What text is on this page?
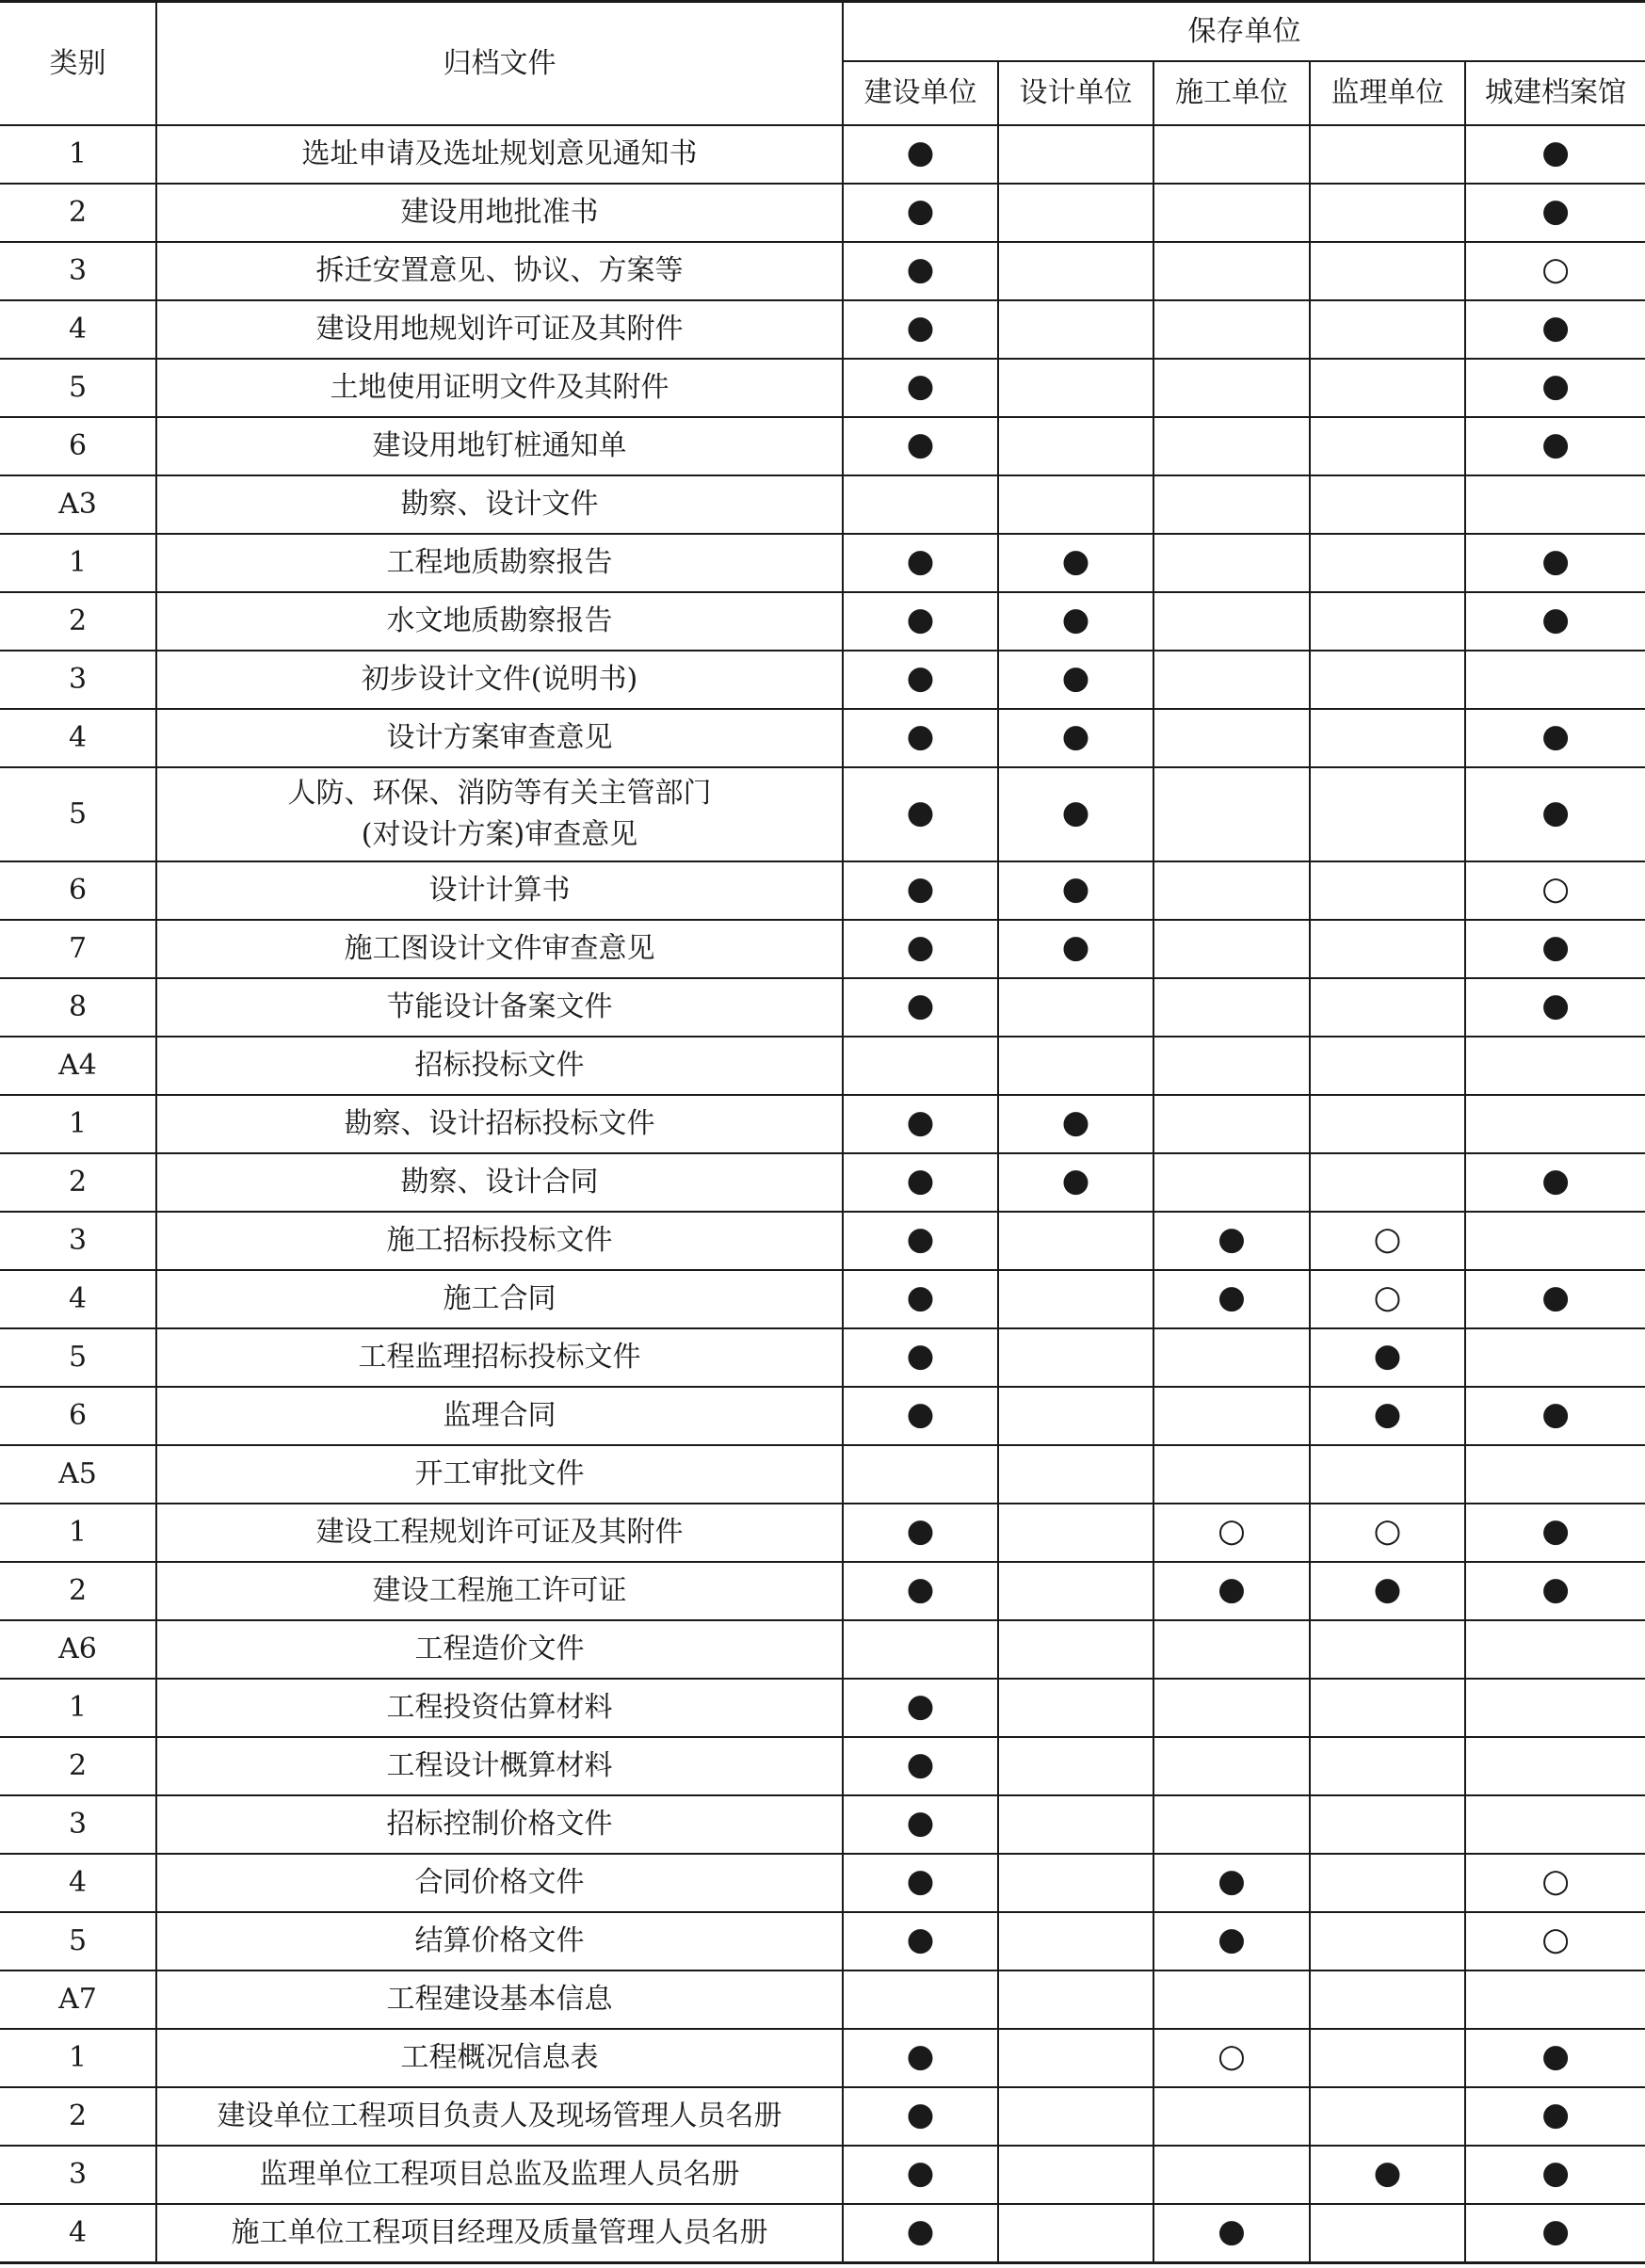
类别	归档文件	保存单位				
		建设单位	设计单位	施工单位	监理单位	城建档案馆
1	选址申请及选址规划意见通知书	●				●
2	建设用地批准书	●				●
3	拆迁安置意见、协议、方案等	●				○
4	建设用地规划许可证及其附件	●				●
5	土地使用证明文件及其附件	●				●
6	建设用地钉桩通知单	●				●
A3	勘察、设计文件					
1	工程地质勘察报告	●	●			●
2	水文地质勘察报告	●	●			●
3	初步设计文件(说明书)	●	●			
4	设计方案审查意见	●	●			●
5	人防、环保、消防等有关主管部门
(对设计方案)审查意见	●	●			●
6	设计计算书	●	●			○
7	施工图设计文件审查意见	●	●			●
8	节能设计备案文件	●				●
A4	招标投标文件					
1	勘察、设计招标投标文件	●	●			
2	勘察、设计合同	●	●			●
3	施工招标投标文件	●		●	○	
4	施工合同	●		●	○	●
5	工程监理招标投标文件	●			●	
6	监理合同	●			●	●
A5	开工审批文件					
1	建设工程规划许可证及其附件	●		○	○	●
2	建设工程施工许可证	●		●	●	●
A6	工程造价文件					
1	工程投资估算材料	●				
2	工程设计概算材料	●				
3	招标控制价格文件	●				
4	合同价格文件	●		●		○
5	结算价格文件	●		●		○
A7	工程建设基本信息					
1	工程概况信息表	●		○		●
2	建设单位工程项目负责人及现场管理人员名册	●				●
3	监理单位工程项目总监及监理人员名册	●			●	●
4	施工单位工程项目经理及质量管理人员名册	●		●		●
